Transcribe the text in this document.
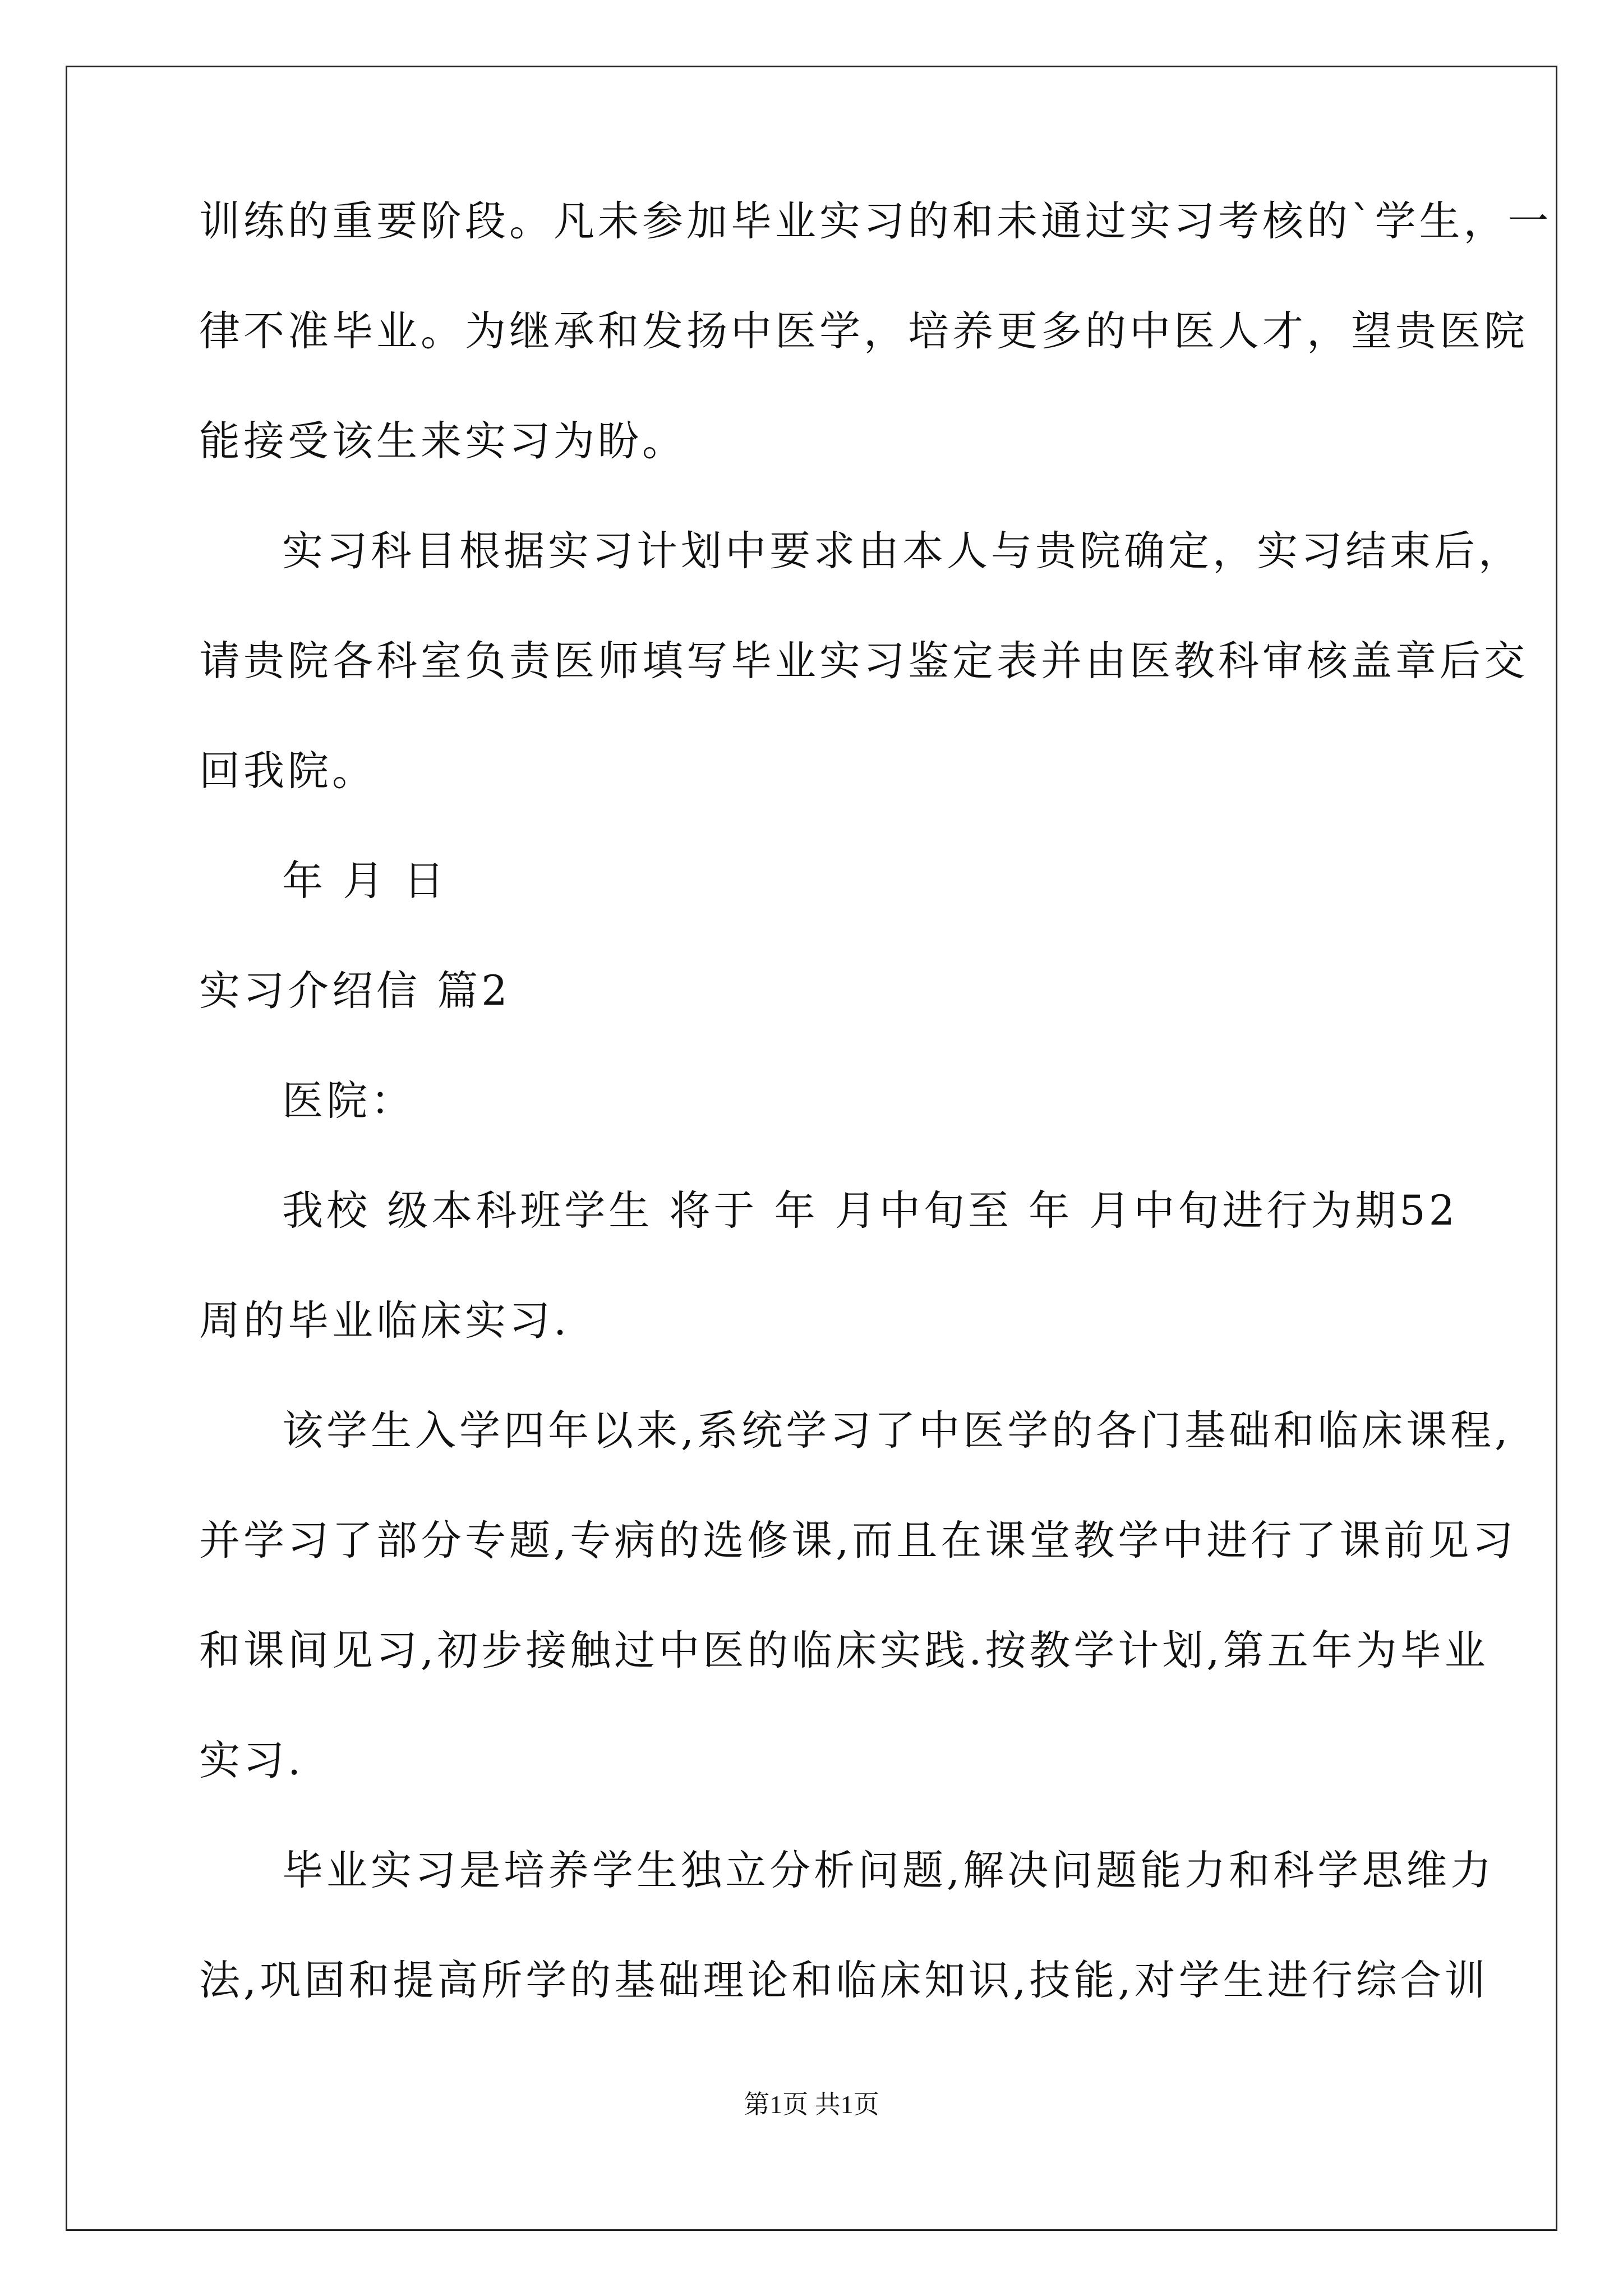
训练的重要阶段。凡未参加毕业实习的和未通过实习考核的`学生，一
律不准毕业。为继承和发扬中医学，培养更多的中医人才，望贵医院
能接受该生来实习为盼。
实习科目根据实习计划中要求由本人与贵院确定，实习结束后，
请贵院各科室负责医师填写毕业实习鉴定表并由医教科审核盖章后交
回我院。
年 月 日
实习介绍信 篇2
医院：
我校 级本科班学生 将于 年 月中旬至 年 月中旬进行为期52
周的毕业临床实习.
该学生入学四年以来,系统学习了中医学的各门基础和临床课程,
并学习了部分专题,专病的选修课,而且在课堂教学中进行了课前见习
和课间见习,初步接触过中医的临床实践.按教学计划,第五年为毕业
实习.
毕业实习是培养学生独立分析问题,解决问题能力和科学思维力
法,巩固和提高所学的基础理论和临床知识,技能,对学生进行综合训
第1页 共1页
